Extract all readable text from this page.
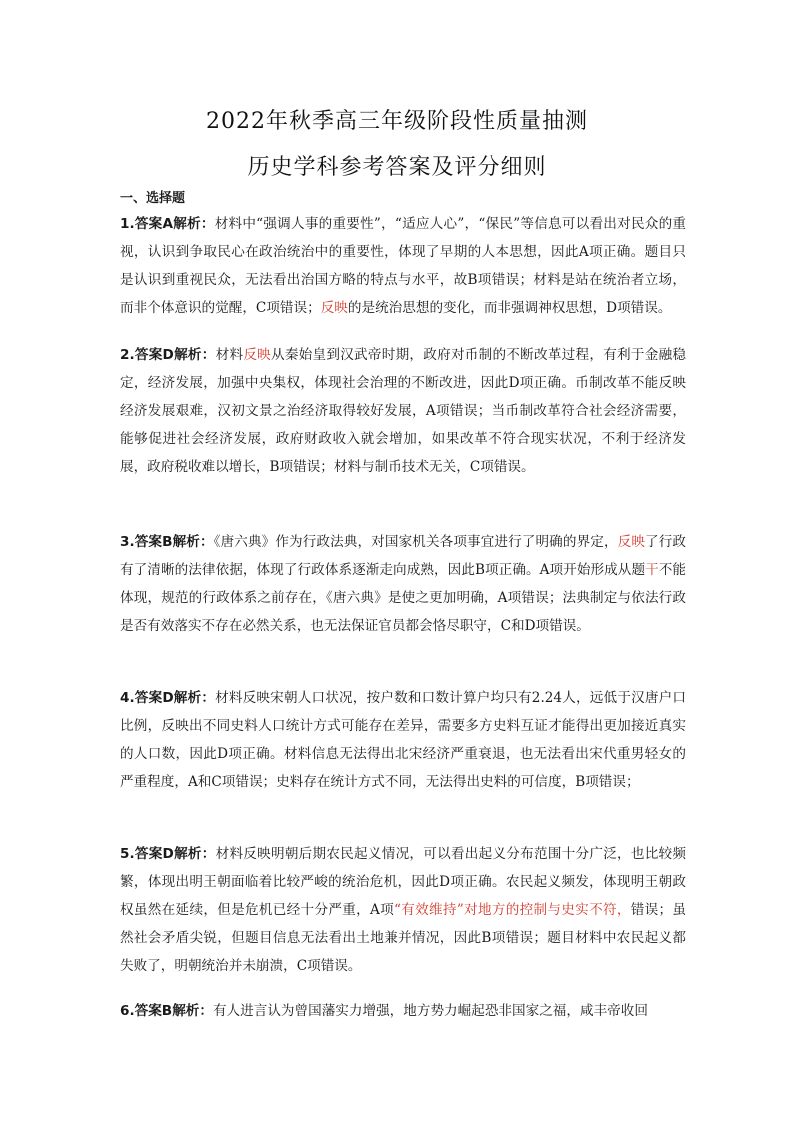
2022年秋季高三年级阶段性质量抽测
历史学科参考答案及评分细则
一、选择题
1.答案A解析：材料中“强调人事的重要性”，“适应人心”，“保民”等信息可以看出对民众的重视，认识到争取民心在政治统治中的重要性，体现了早期的人本思想，因此A项正确。题目只是认识到重视民众，无法看出治国方略的特点与水平，故B项错误；材料是站在统治者立场，而非个体意识的觉醒，C项错误；反映的是统治思想的变化，而非强调神权思想，D项错误。
2.答案D解析：材料反映从秦始皇到汉武帝时期，政府对币制的不断改革过程，有利于金融稳定，经济发展，加强中央集权，体现社会治理的不断改进，因此D项正确。币制改革不能反映经济发展艰难，汉初文景之治经济取得较好发展，A项错误；当币制改革符合社会经济需要，能够促进社会经济发展，政府财政收入就会增加，如果改革不符合现实状况，不利于经济发展，政府税收难以增长，B项错误；材料与制币技术无关，C项错误。
3.答案B解析：《唐六典》作为行政法典，对国家机关各项事宜进行了明确的界定，反映了行政有了清晰的法律依据，体现了行政体系逐渐走向成熟，因此B项正确。A项开始形成从题干不能体现，规范的行政体系之前存在，《唐六典》是使之更加明确，A项错误；法典制定与依法行政是否有效落实不存在必然关系，也无法保证官员都会恪尽职守，C和D项错误。
4.答案D解析：材料反映宋朝人口状况，按户数和口数计算户均只有2.24人，远低于汉唐户口比例，反映出不同史料人口统计方式可能存在差异，需要多方史料互证才能得出更加接近真实的人口数，因此D项正确。材料信息无法得出北宋经济严重衰退，也无法看出宋代重男轻女的严重程度，A和C项错误；史料存在统计方式不同，无法得出史料的可信度，B项错误；
5.答案D解析：材料反映明朝后期农民起义情况，可以看出起义分布范围十分广泛，也比较频繁，体现出明王朝面临着比较严峻的统治危机，因此D项正确。农民起义频发，体现明王朝政权虽然在延续，但是危机已经十分严重，A项“有效维持”对地方的控制与史实不符，错误；虽然社会矛盾尖锐，但题目信息无法看出土地兼并情况，因此B项错误；题目材料中农民起义都失败了，明朝统治并未崩溃，C项错误。
6.答案B解析：有人进言认为曾国藩实力增强，地方势力崛起恐非国家之福，咸丰帝收回
